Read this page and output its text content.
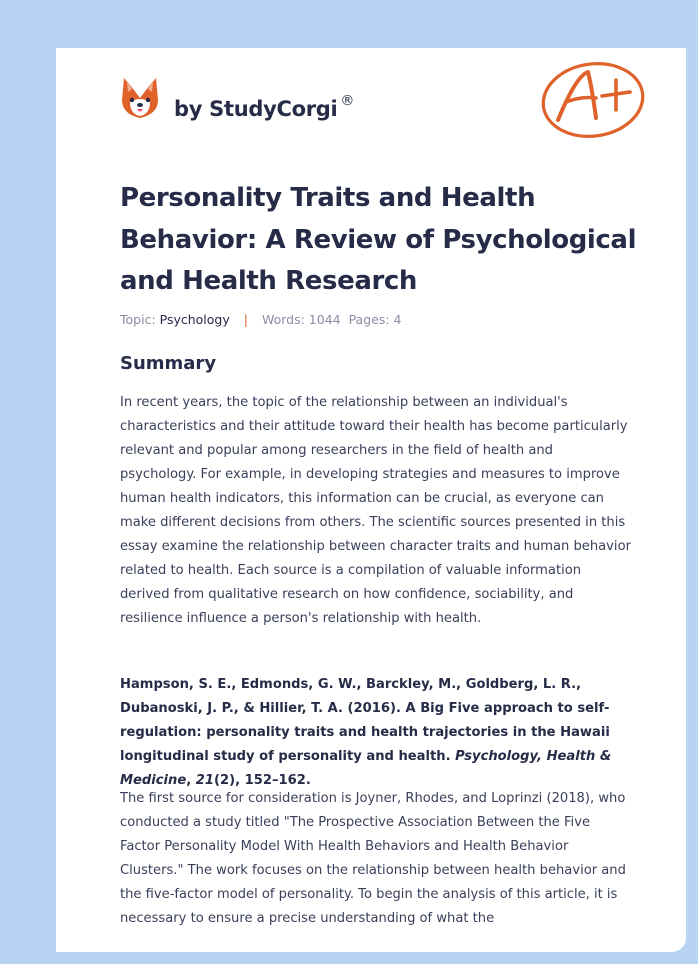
by StudyCorgi ®
Personality Traits and Health Behavior: A Review of Psychological and Health Research
Topic: Psychology | Words: 1044 Pages: 4
Summary

In recent years, the topic of the relationship between an individual's characteristics and their attitude toward their health has become particularly relevant and popular among researchers in the field of health and psychology. For example, in developing strategies and measures to improve human health indicators, this information can be crucial, as everyone can make different decisions from others. The scientific sources presented in this essay examine the relationship between character traits and human behavior related to health. Each source is a compilation of valuable information derived from qualitative research on how confidence, sociability, and resilience influence a person's relationship with health.

Hampson, S. E., Edmonds, G. W., Barckley, M., Goldberg, L. R., Dubanoski, J. P., & Hillier, T. A. (2016). A Big Five approach to self-regulation: personality traits and health trajectories in the Hawaii longitudinal study of personality and health. Psychology, Health & Medicine, 21(2), 152–162.

The first source for consideration is Joyner, Rhodes, and Loprinzi (2018), who conducted a study titled "The Prospective Association Between the Five Factor Personality Model With Health Behaviors and Health Behavior Clusters." The work focuses on the relationship between health behavior and the five-factor model of personality. To begin the analysis of this article, it is necessary to ensure a precise understanding of what the
